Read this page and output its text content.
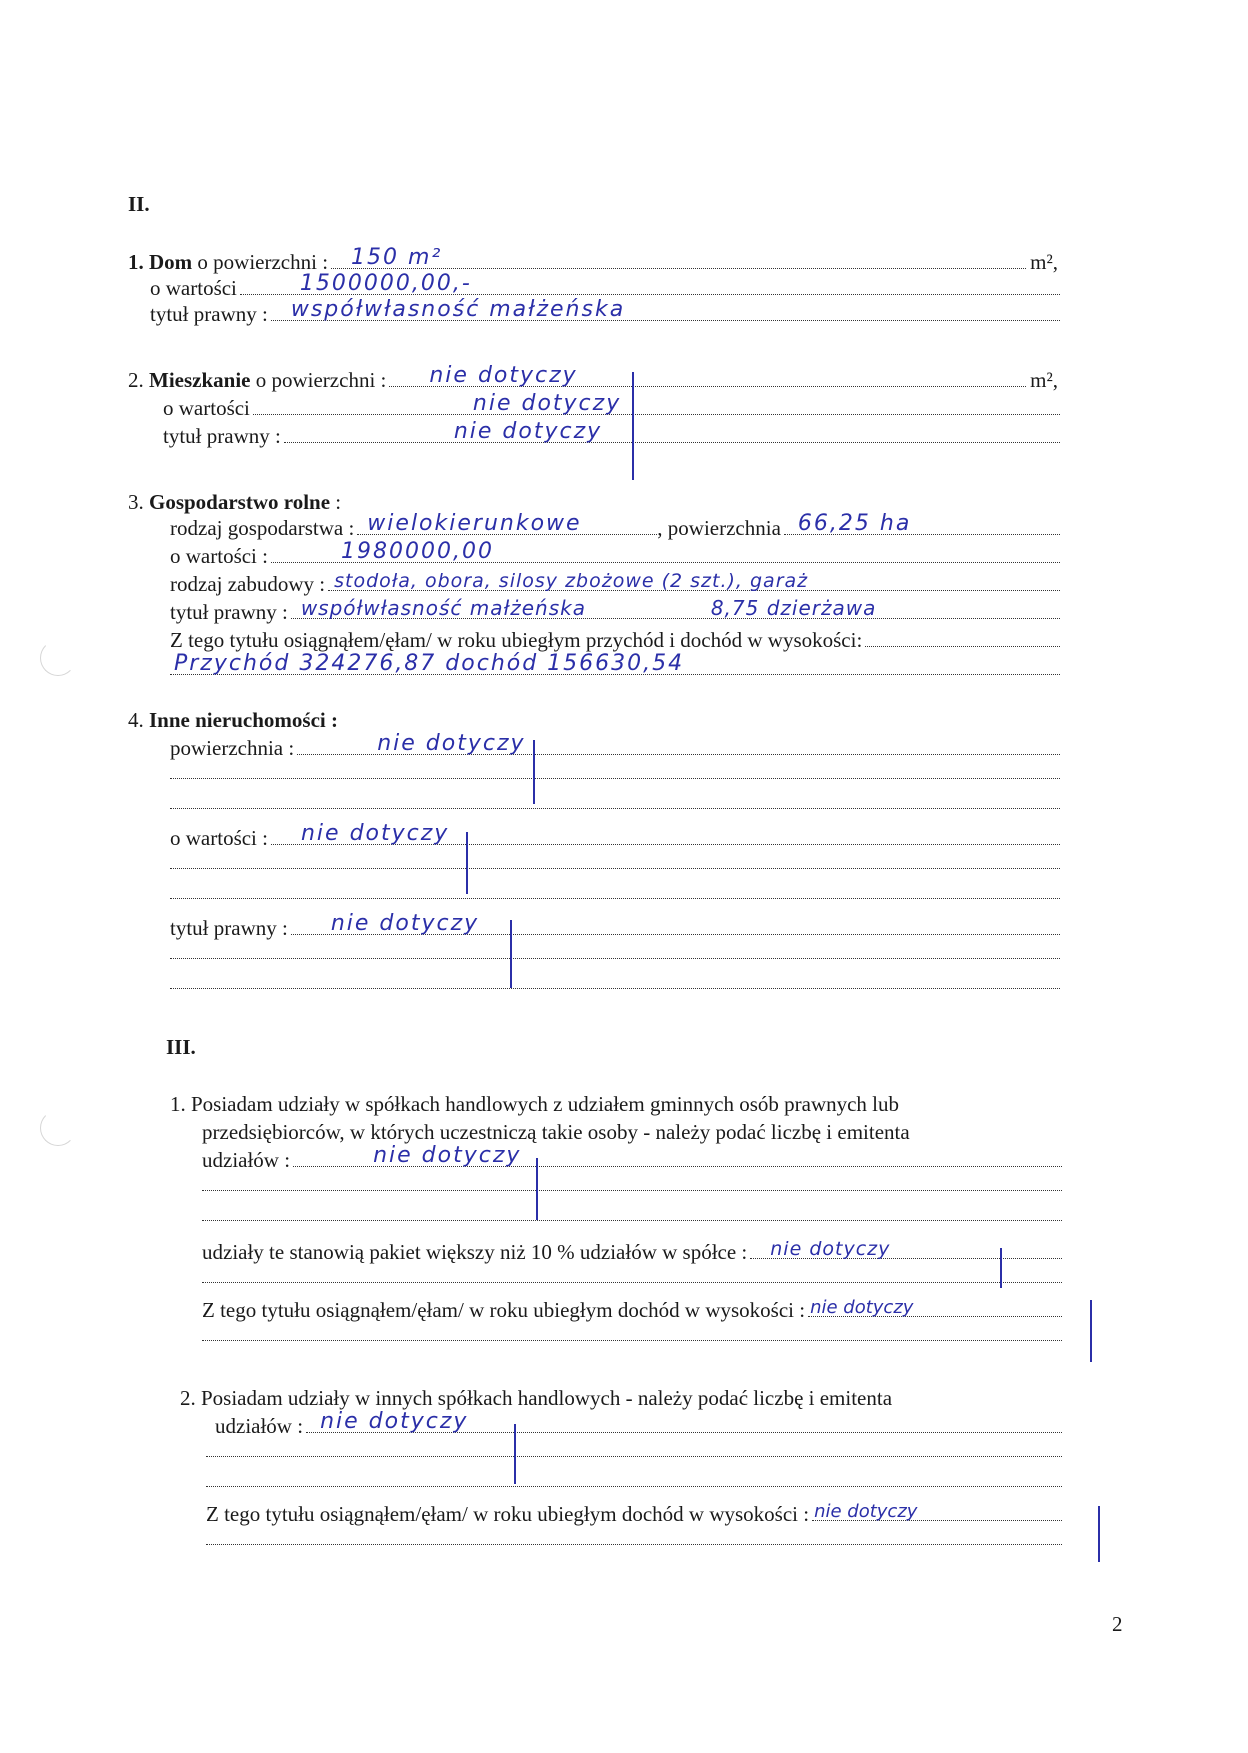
II.
1. Dom
o powierzchni : 150 m²	m²,
o wartości	1500000,00,-
tytuł prawny : współwłasność małżeńska
2.
Mieszkanie
o powierzchni : nie dotyczy	m²,
o wartości	nie dotyczy
tytuł prawny :	nie dotyczy
3.
Gospodarstwo rolne
:
rodzaj gospodarstwa : wielokierunkowe	, powierzchnia 66,25 ha
o wartości :	1980000,00
rodzaj zabudowy : stodoła, obora, silosy zbożowe (2 szt.), garaż
tytuł prawny : współwłasność małżeńska	8,75 dzierżawa
Z tego tytułu osiągnąłem/ęłam/ w roku ubiegłym przychód i dochód w wysokości:
Przychód 324276,87 dochód 156630,54
4.
Inne nieruchomości :
powierzchnia :	nie dotyczy
o wartości : nie dotyczy
tytuł prawny : nie dotyczy
III.
1.
Posiadam udziały w spółkach handlowych z udziałem gminnych osób prawnych lub
przedsiębiorców, w których uczestniczą takie osoby - należy podać liczbę i emitenta
udziałów :	nie dotyczy
udziały te stanowią pakiet większy niż 10 % udziałów w spółce : nie dotyczy
Z tego tytułu osiągnąłem/ęłam/ w roku ubiegłym dochód w wysokości : nie dotyczy
2.
Posiadam udziały w innych spółkach handlowych - należy podać liczbę i emitenta
udziałów : nie dotyczy
Z tego tytułu osiągnąłem/ęłam/ w roku ubiegłym dochód w wysokości : nie dotyczy
2
